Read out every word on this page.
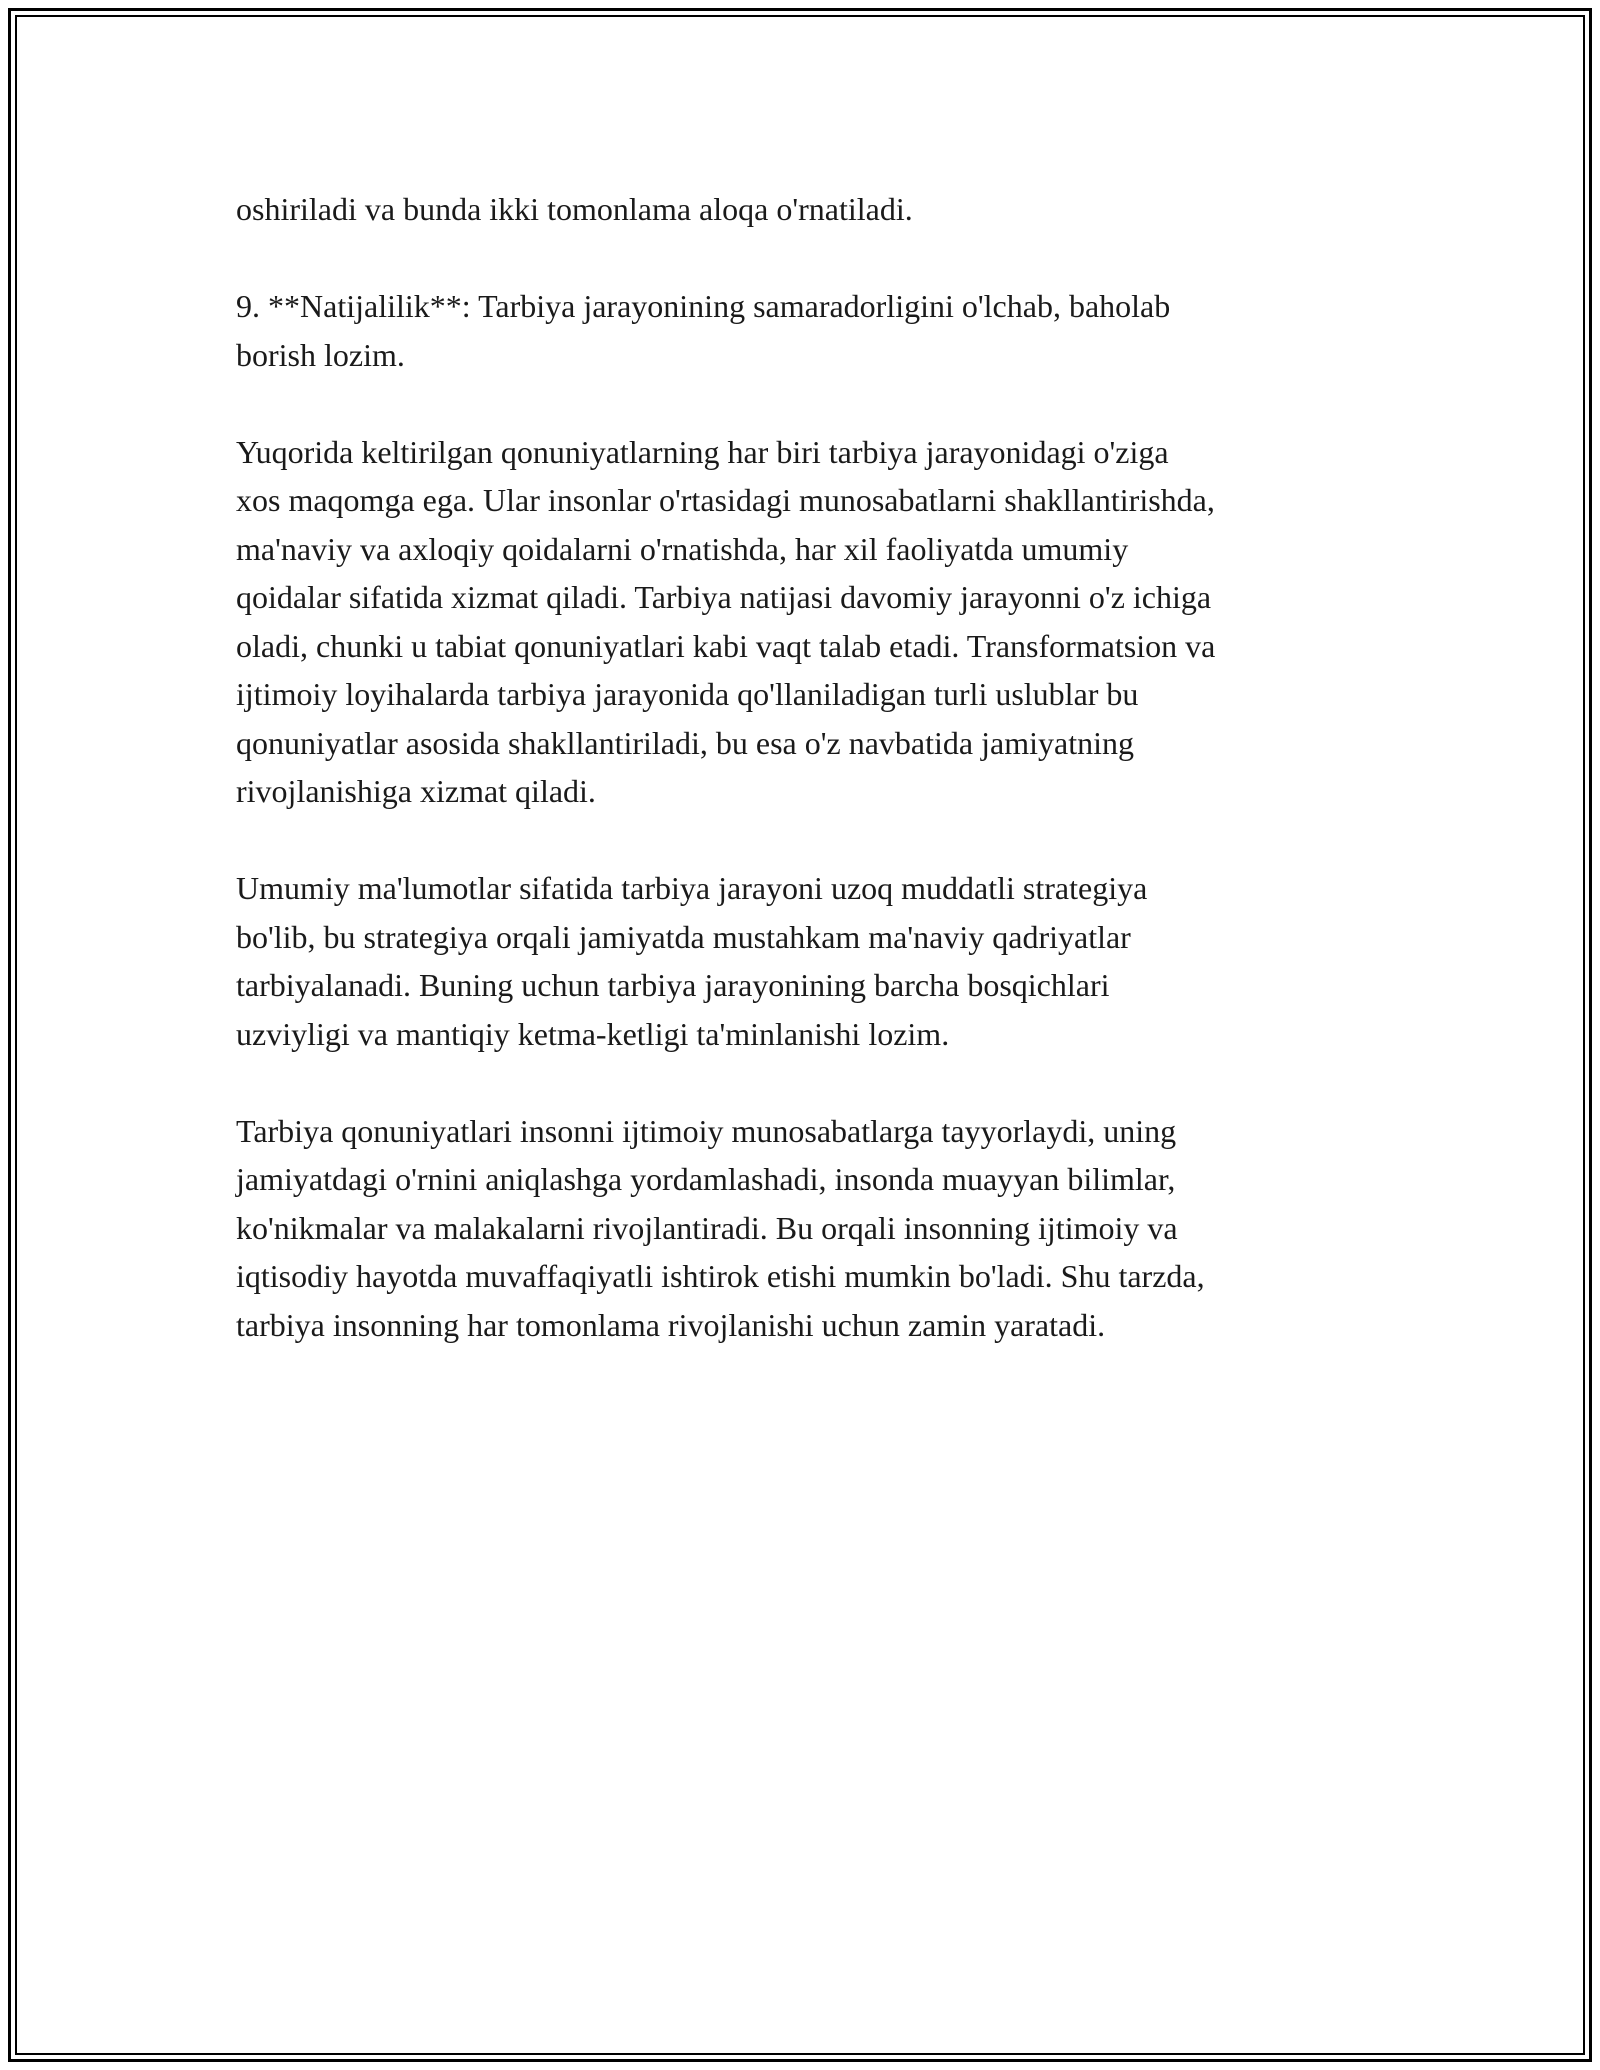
oshiriladi va bunda ikki tomonlama aloqa o'rnatiladi.

9. **Natijalilik**: Tarbiya jarayonining samaradorligini o'lchab, baholab
borish lozim.

Yuqorida keltirilgan qonuniyatlarning har biri tarbiya jarayonidagi o'ziga
xos maqomga ega. Ular insonlar o'rtasidagi munosabatlarni shakllantirishda,
ma'naviy va axloqiy qoidalarni o'rnatishda, har xil faoliyatda umumiy
qoidalar sifatida xizmat qiladi. Tarbiya natijasi davomiy jarayonni o'z ichiga
oladi, chunki u tabiat qonuniyatlari kabi vaqt talab etadi. Transformatsion va
ijtimoiy loyihalarda tarbiya jarayonida qo'llaniladigan turli uslublar bu
qonuniyatlar asosida shakllantiriladi, bu esa o'z navbatida jamiyatning
rivojlanishiga xizmat qiladi.

Umumiy ma'lumotlar sifatida tarbiya jarayoni uzoq muddatli strategiya
bo'lib, bu strategiya orqali jamiyatda mustahkam ma'naviy qadriyatlar
tarbiyalanadi. Buning uchun tarbiya jarayonining barcha bosqichlari
uzviyligi va mantiqiy ketma-ketligi ta'minlanishi lozim.

Tarbiya qonuniyatlari insonni ijtimoiy munosabatlarga tayyorlaydi, uning
jamiyatdagi o'rnini aniqlashga yordamlashadi, insonda muayyan bilimlar,
ko'nikmalar va malakalarni rivojlantiradi. Bu orqali insonning ijtimoiy va
iqtisodiy hayotda muvaffaqiyatli ishtirok etishi mumkin bo'ladi. Shu tarzda,
tarbiya insonning har tomonlama rivojlanishi uchun zamin yaratadi.
